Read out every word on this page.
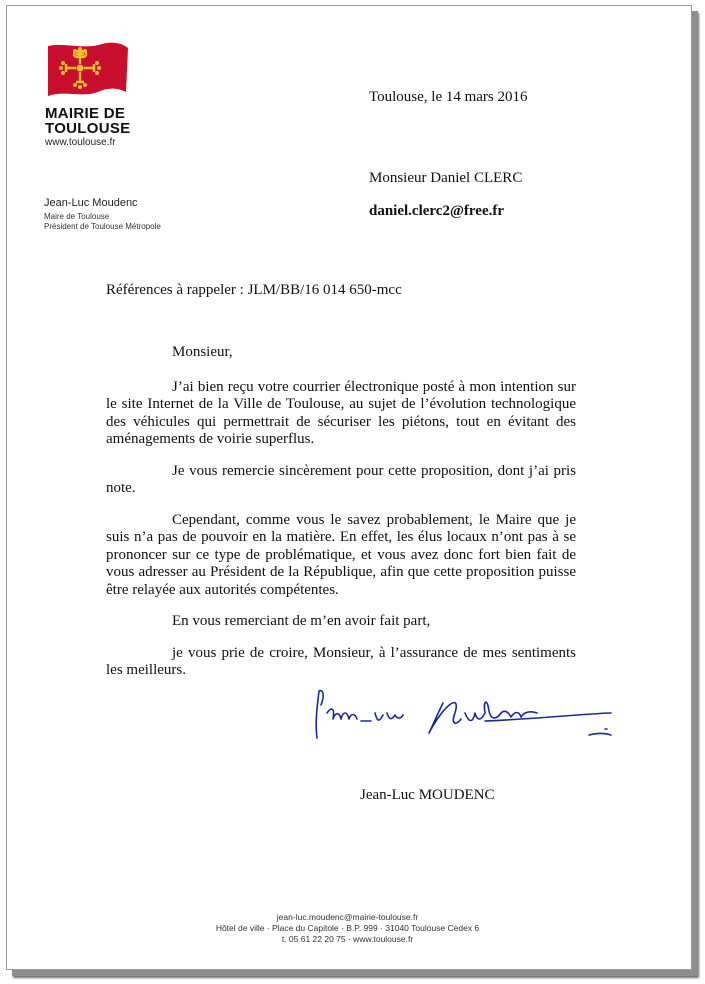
MAIRIE DE
TOULOUSE
www.toulouse.fr
Jean-Luc Moudenc
Maire de Toulouse
Président de Toulouse Métropole
Toulouse, le 14 mars 2016
Monsieur Daniel CLERC
daniel.clerc2@free.fr
Références à rappeler : JLM/BB/16 014 650-mcc

Monsieur,

J’ai bien reçu votre courrier électronique posté à mon intention sur le site Internet de la Ville de Toulouse, au sujet de l’évolution technologique des véhicules qui permettrait de sécuriser les piétons, tout en évitant des aménagements de voirie superflus.

Je vous remercie sincèrement pour cette proposition, dont j’ai pris note.

Cependant, comme vous le savez probablement, le Maire que je suis n’a pas de pouvoir en la matière. En effet, les élus locaux n’ont pas à se prononcer sur ce type de problématique, et vous avez donc fort bien fait de vous adresser au Président de la République, afin que cette proposition puisse être relayée aux autorités compétentes.

En vous remerciant de m’en avoir fait part,

je vous prie de croire, Monsieur, à l’assurance de mes sentiments les meilleurs.

Jean-Luc MOUDENC
jean-luc.moudenc@mairie-toulouse.fr
Hôtel de ville · Place du Capitole · B.P. 999 · 31040 Toulouse Cedex 6
t. 05 61 22 20 75 · www.toulouse.fr
